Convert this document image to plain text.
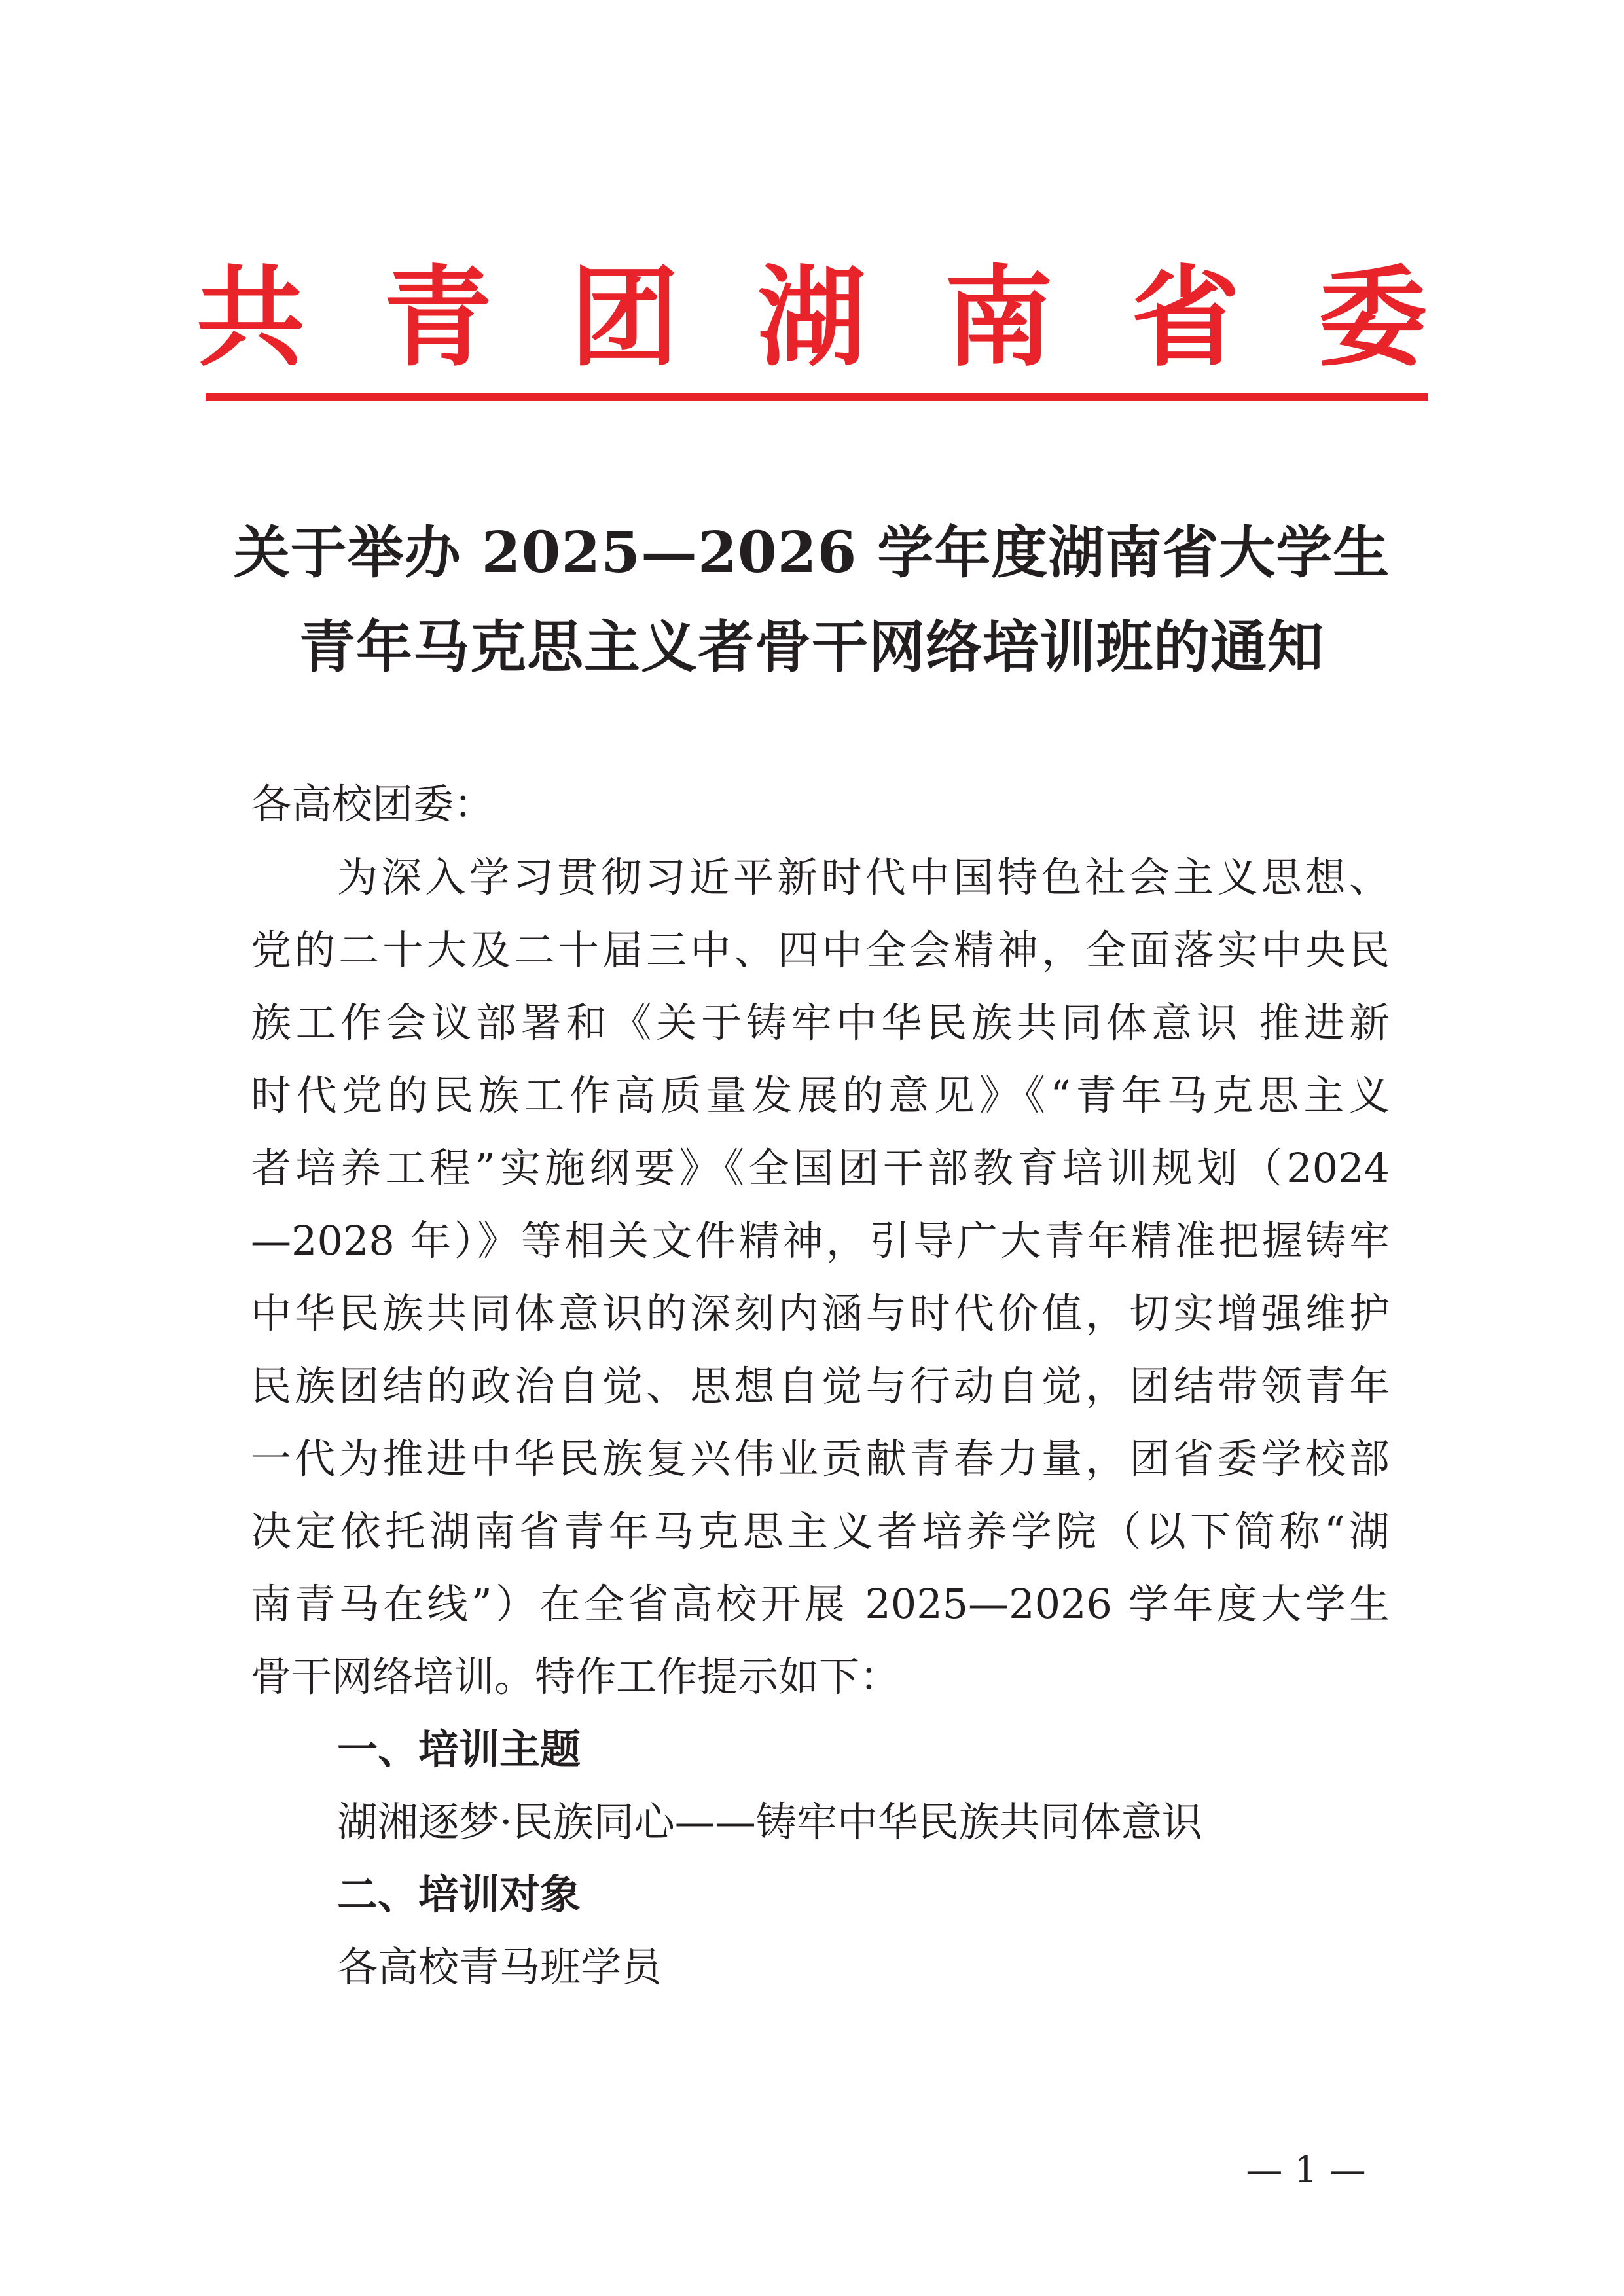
共 青 团 湖 南 省 委
关于举办 2025—2026 学年度湖南省大学生
青年马克思主义者骨干网络培训班的通知
各高校团委：
为深入学习贯彻习近平新时代中国特色社会主义思想、
党的二十大及二十届三中、四中全会精神，全面落实中央民
族工作会议部署和《关于铸牢中华民族共同体意识 推进新
时代党的民族工作高质量发展的意见》《“青年马克思主义
者培养工程”实施纲要》《全国团干部教育培训规划（2024
—2028 年）》等相关文件精神，引导广大青年精准把握铸牢
中华民族共同体意识的深刻内涵与时代价值，切实增强维护
民族团结的政治自觉、思想自觉与行动自觉，团结带领青年
一代为推进中华民族复兴伟业贡献青春力量，团省委学校部
决定依托湖南省青年马克思主义者培养学院（以下简称“湖
南青马在线”）在全省高校开展 2025—2026 学年度大学生
骨干网络培训。特作工作提示如下：
一、培训主题
湖湘逐梦·民族同心——铸牢中华民族共同体意识
二、培训对象
各高校青马班学员
— 1 —
